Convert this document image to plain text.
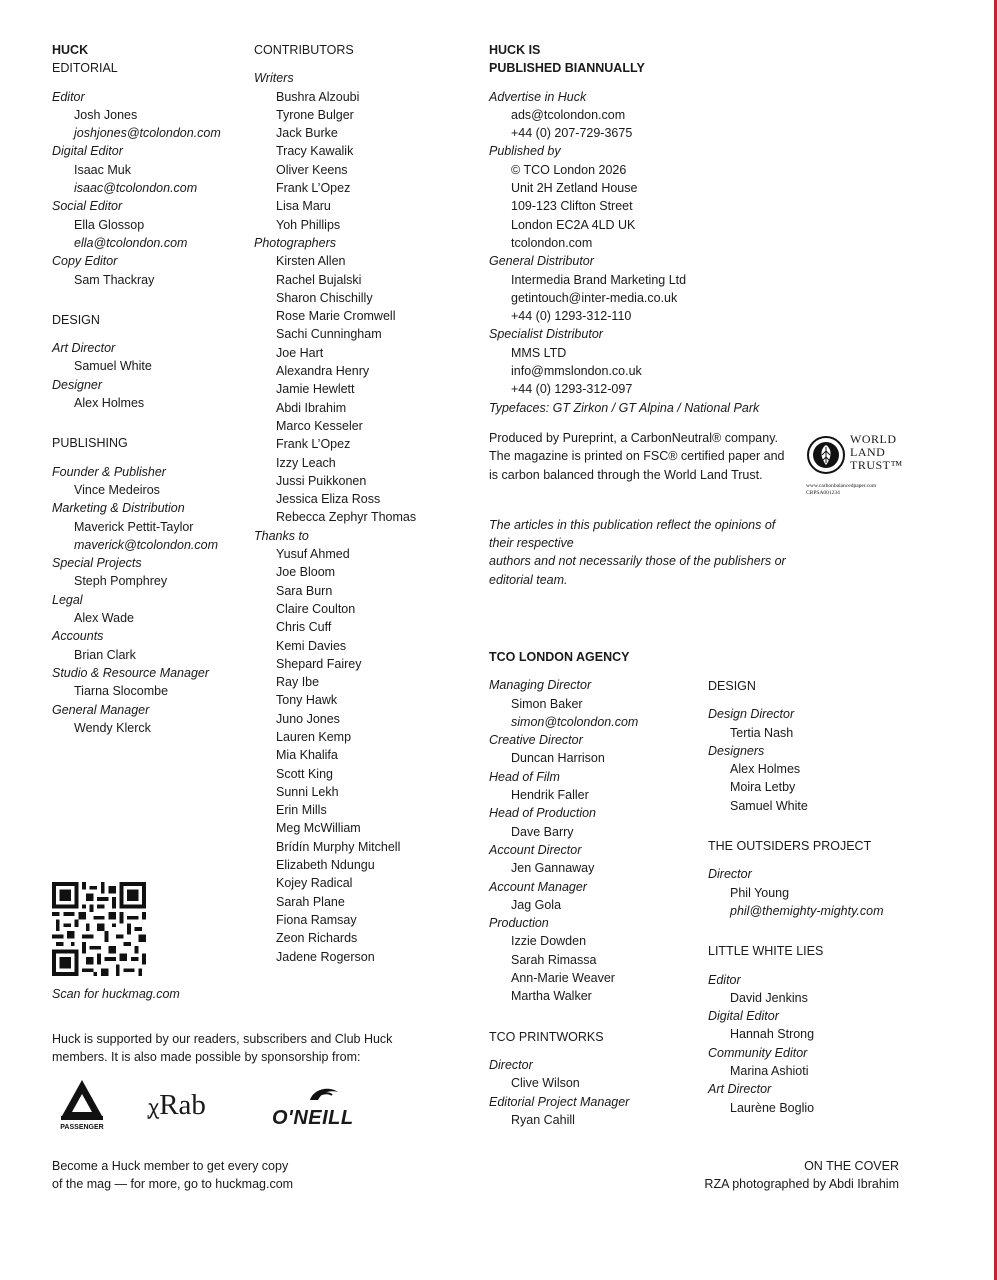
HUCK
EDITORIAL
Editor
Josh Jones
joshjones@tcolondon.com
Digital Editor
Isaac Muk
isaac@tcolondon.com
Social Editor
Ella Glossop
ella@tcolondon.com
Copy Editor
Sam Thackray
DESIGN
Art Director
Samuel White
Designer
Alex Holmes
PUBLISHING
Founder & Publisher
Vince Medeiros
Marketing & Distribution
Maverick Pettit-Taylor
maverick@tcolondon.com
Special Projects
Steph Pomphrey
Legal
Alex Wade
Accounts
Brian Clark
Studio & Resource Manager
Tiarna Slocombe
General Manager
Wendy Klerck
Scan for huckmag.com
Huck is supported by our readers, subscribers and Club Huck members. It is also made possible by sponsorship from:
PASSENGER
ꭕRab	O'NEILL
Become a Huck member to get every copy
of the mag — for more, go to huckmag.com
CONTRIBUTORS
Writers
Bushra Alzoubi
Tyrone Bulger
Jack Burke
Tracy Kawalik
Oliver Keens
Frank L’Opez
Lisa Maru
Yoh Phillips
Photographers
Kirsten Allen
Rachel Bujalski
Sharon Chischilly
Rose Marie Cromwell
Sachi Cunningham
Joe Hart
Alexandra Henry
Jamie Hewlett
Abdi Ibrahim
Marco Kesseler
Frank L’Opez
Izzy Leach
Jussi Puikkonen
Jessica Eliza Ross
Rebecca Zephyr Thomas
Thanks to
Yusuf Ahmed
Joe Bloom
Sara Burn
Claire Coulton
Chris Cuff
Kemi Davies
Shepard Fairey
Ray Ibe
Tony Hawk
Juno Jones
Lauren Kemp
Mia Khalifa
Scott King
Sunni Lekh
Erin Mills
Meg McWilliam
Brídín Murphy Mitchell
Elizabeth Ndungu
Kojey Radical
Sarah Plane
Fiona Ramsay
Zeon Richards
Jadene Rogerson
HUCK IS
PUBLISHED BIANNUALLY
Advertise in Huck
ads@tcolondon.com
+44 (0) 207-729-3675
Published by
© TCO London 2026
Unit 2H Zetland House
109-123 Clifton Street
London EC2A 4LD UK
tcolondon.com
General Distributor
Intermedia Brand Marketing Ltd
getintouch@inter-media.co.uk
+44 (0) 1293-312-110
Specialist Distributor
MMS LTD
info@mmslondon.co.uk
+44 (0) 1293-312-097
Typefaces: GT Zirkon / GT Alpina / National Park
Produced by Pureprint, a CarbonNeutral® company.
The magazine is printed on FSC® certified paper and
is carbon balanced through the World Land Trust.
The articles in this publication reflect the opinions of their respective
authors and not necessarily those of the publishers or editorial team.
WORLD
LAND
TRUST™
www.carbonbalancedpaper.com
CBPSA001234
TCO LONDON AGENCY
Managing Director
Simon Baker
simon@tcolondon.com
Creative Director
Duncan Harrison
Head of Film
Hendrik Faller
Head of Production
Dave Barry
Account Director
Jen Gannaway
Account Manager
Jag Gola
Production
Izzie Dowden
Sarah Rimassa
Ann-Marie Weaver
Martha Walker
TCO PRINTWORKS
Director
Clive Wilson
Editorial Project Manager
Ryan Cahill
DESIGN
Design Director
Tertia Nash
Designers
Alex Holmes
Moira Letby
Samuel White
THE OUTSIDERS PROJECT
Director
Phil Young
phil@themighty-mighty.com
LITTLE WHITE LIES
Editor
David Jenkins
Digital Editor
Hannah Strong
Community Editor
Marina Ashioti
Art Director
Laurène Boglio
ON THE COVER
RZA photographed by Abdi Ibrahim
